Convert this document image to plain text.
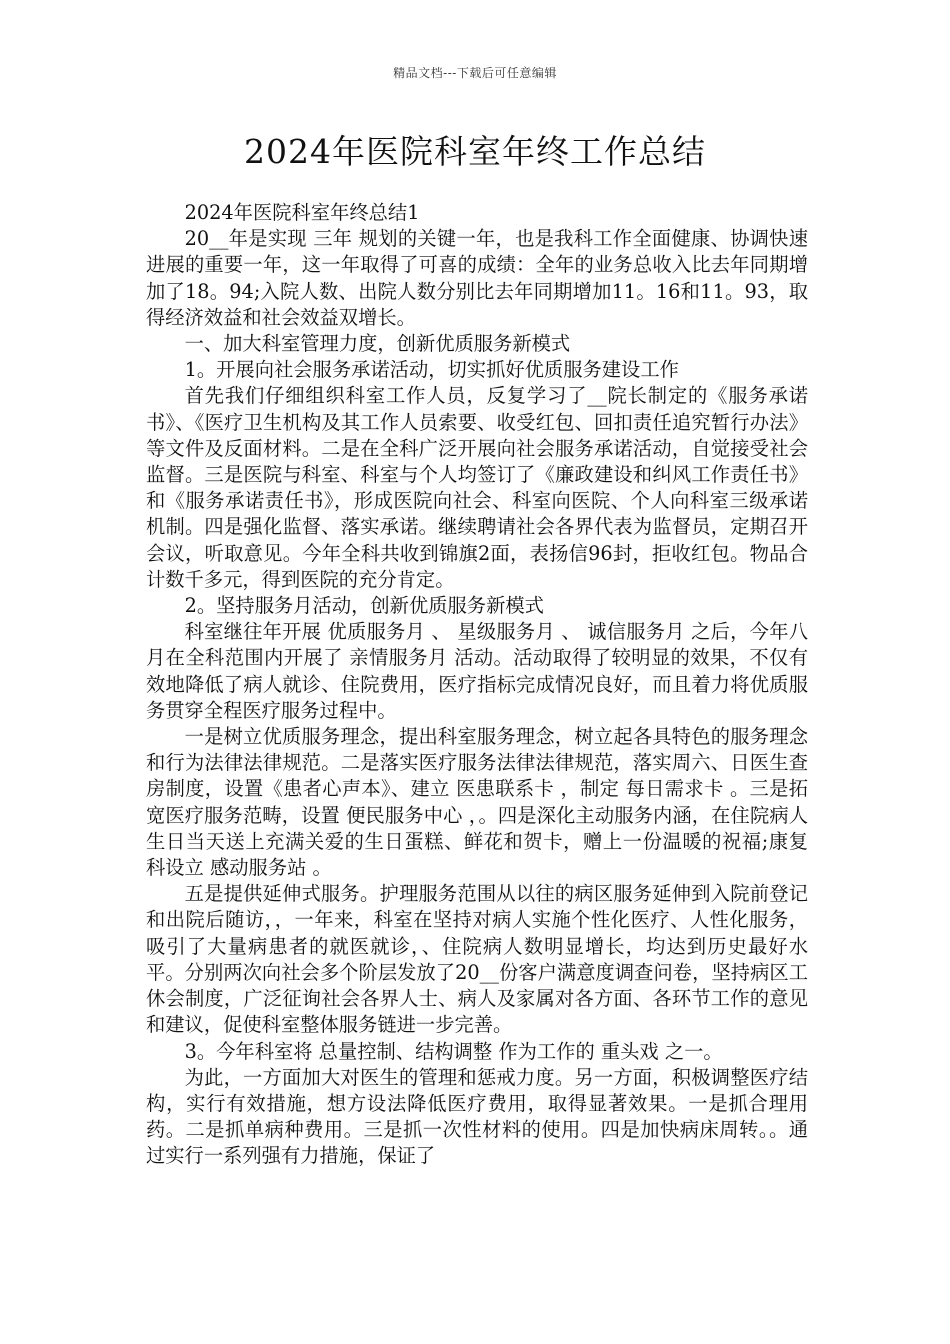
精品文档---下载后可任意编辑
2024年医院科室年终工作总结

2024年医院科室年终总结1

20__年是实现 三年 规划的关键一年，也是我科工作全面健康、协调快速进展的重要一年，这一年取得了可喜的成绩：全年的业务总收入比去年同期增加了18。94;入院人数、出院人数分别比去年同期增加11。16和11。93，取得经济效益和社会效益双增长。

一、加大科室管理力度，创新优质服务新模式

1。开展向社会服务承诺活动，切实抓好优质服务建设工作

首先我们仔细组织科室工作人员，反复学习了__院长制定的《服务承诺书》、《医疗卫生机构及其工作人员索要、收受红包、回扣责任追究暂行办法》等文件及反面材料。二是在全科广泛开展向社会服务承诺活动，自觉接受社会监督。三是医院与科室、科室与个人均签订了《廉政建设和纠风工作责任书》和《服务承诺责任书》，形成医院向社会、科室向医院、个人向科室三级承诺机制。四是强化监督、落实承诺。继续聘请社会各界代表为监督员，定期召开会议，听取意见。今年全科共收到锦旗2面，表扬信96封，拒收红包。物品合计数千多元，得到医院的充分肯定。

2。坚持服务月活动，创新优质服务新模式

科室继往年开展 优质服务月 、 星级服务月 、 诚信服务月 之后，今年八月在全科范围内开展了 亲情服务月 活动。活动取得了较明显的效果，不仅有效地降低了病人就诊、住院费用，医疗指标完成情况良好，而且着力将优质服务贯穿全程医疗服务过程中。

一是树立优质服务理念，提出科室服务理念，树立起各具特色的服务理念和行为法律法律规范。二是落实医疗服务法律法律规范，落实周六、日医生查房制度，设置《患者心声本》、建立 医患联系卡 ，制定 每日需求卡 。三是拓宽医疗服务范畴，设置 便民服务中心 ，。四是深化主动服务内涵，在住院病人生日当天送上充满关爱的生日蛋糕、鲜花和贺卡，赠上一份温暖的祝福;康复科设立 感动服务站 。

五是提供延伸式服务。护理服务范围从以往的病区服务延伸到入院前登记和出院后随访，，一年来，科室在坚持对病人实施个性化医疗、人性化服务，吸引了大量病患者的就医就诊，、住院病人数明显增长，均达到历史最好水平。分别两次向社会多个阶层发放了20__份客户满意度调查问卷，坚持病区工休会制度，广泛征询社会各界人士、病人及家属对各方面、各环节工作的意见和建议，促使科室整体服务链进一步完善。

3。今年科室将 总量控制、结构调整 作为工作的 重头戏 之一。

为此，一方面加大对医生的管理和惩戒力度。另一方面，积极调整医疗结构，实行有效措施，想方设法降低医疗费用，取得显著效果。一是抓合理用药。二是抓单病种费用。三是抓一次性材料的使用。四是加快病床周转。。通过实行一系列强有力措施，保证了
